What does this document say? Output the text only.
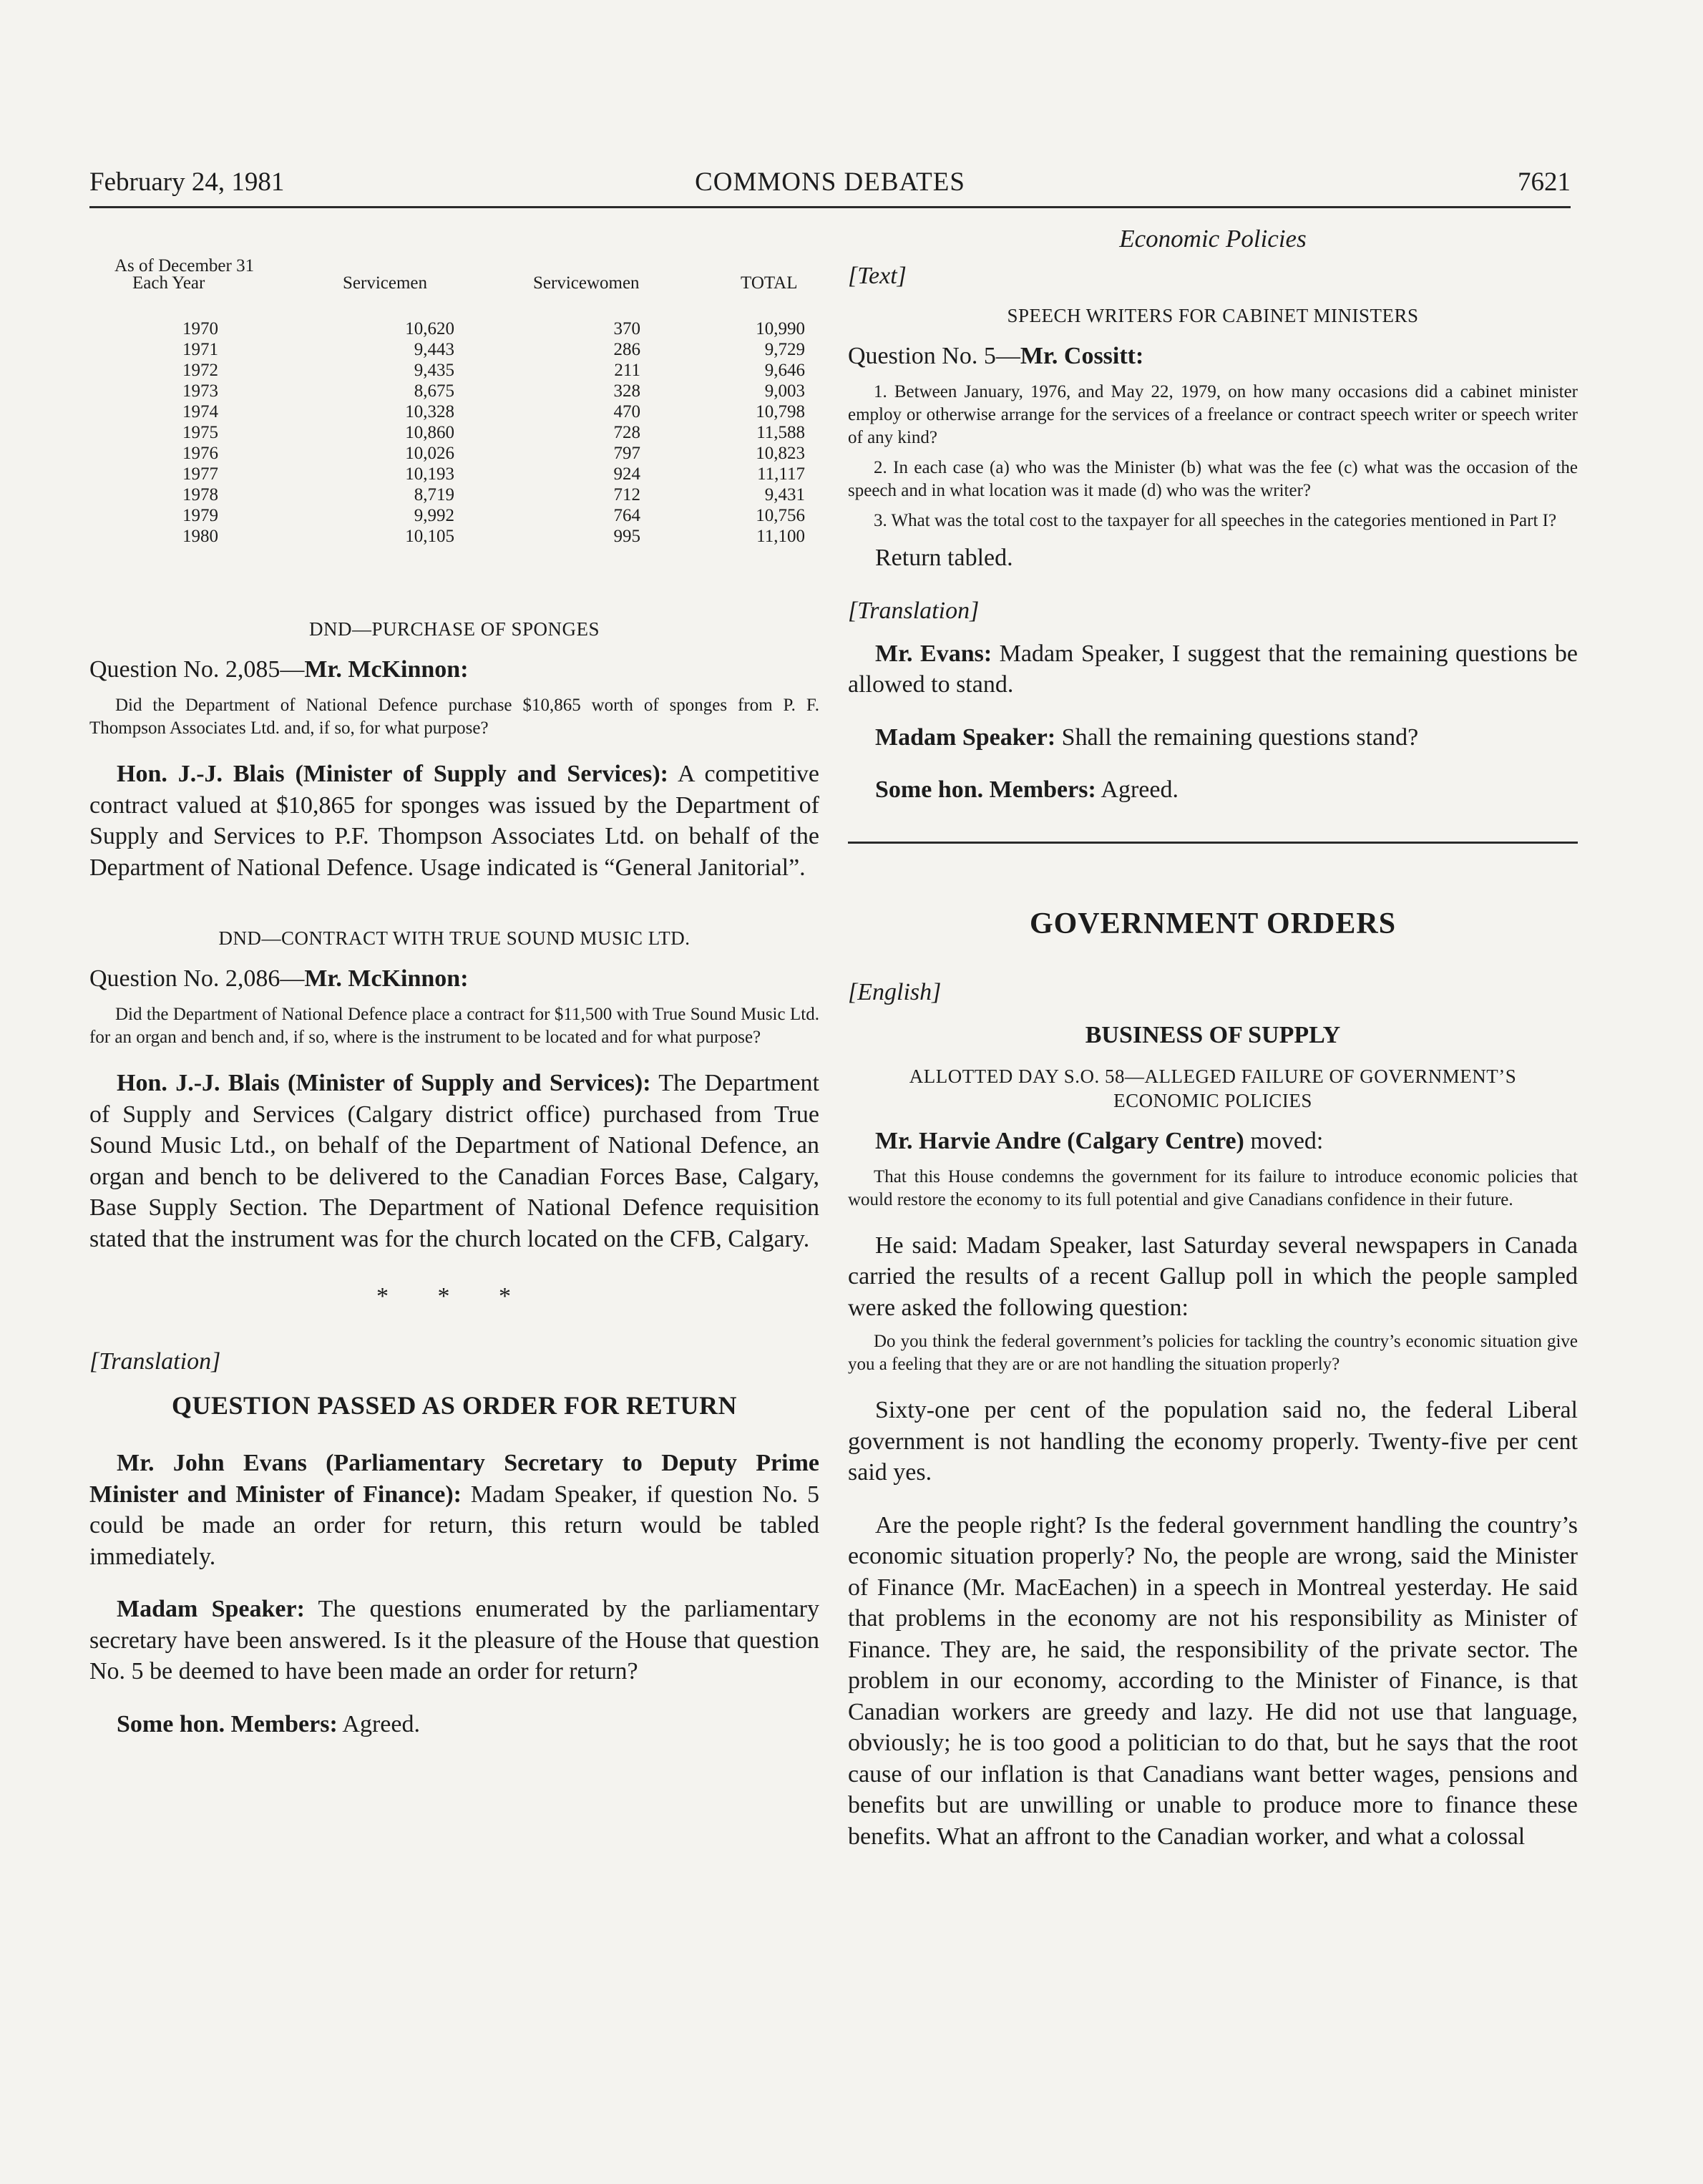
February 24, 1981	COMMONS DEBATES	7621
As of December 31
Each Year	Servicemen	Servicewomen	TOTAL
1970	10,620	370	10,990
1971	9,443	286	9,729
1972	9,435	211	9,646
1973	8,675	328	9,003
1974	10,328	470	10,798
1975	10,860	728	11,588
1976	10,026	797	10,823
1977	10,193	924	11,117
1978	8,719	712	9,431
1979	9,992	764	10,756
1980	10,105	995	11,100
DND—PURCHASE OF SPONGES
Question No. 2,085—Mr. McKinnon:

Did the Department of National Defence purchase $10,865 worth of sponges from P. F. Thompson Associates Ltd. and, if so, for what purpose?

Hon. J.-J. Blais (Minister of Supply and Services): A competitive contract valued at $10,865 for sponges was issued by the Department of Supply and Services to P.F. Thompson Associates Ltd. on behalf of the Department of National Defence. Usage indicated is “General Janitorial”.

DND—CONTRACT WITH TRUE SOUND MUSIC LTD.
Question No. 2,086—Mr. McKinnon:

Did the Department of National Defence place a contract for $11,500 with True Sound Music Ltd. for an organ and bench and, if so, where is the instrument to be located and for what purpose?

Hon. J.-J. Blais (Minister of Supply and Services): The Department of Supply and Services (Calgary district office) purchased from True Sound Music Ltd., on behalf of the Department of National Defence, an organ and bench to be delivered to the Canadian Forces Base, Calgary, Base Supply Section. The Department of National Defence requisition stated that the instrument was for the church located on the CFB, Calgary.

* * *
[Translation]
QUESTION PASSED AS ORDER FOR RETURN

Mr. John Evans (Parliamentary Secretary to Deputy Prime Minister and Minister of Finance): Madam Speaker, if question No. 5 could be made an order for return, this return would be tabled immediately.

Madam Speaker: The questions enumerated by the parliamentary secretary have been answered. Is it the pleasure of the House that question No. 5 be deemed to have been made an order for return?

Some hon. Members: Agreed.

Economic Policies
[Text]
SPEECH WRITERS FOR CABINET MINISTERS
Question No. 5—Mr. Cossitt:

1. Between January, 1976, and May 22, 1979, on how many occasions did a cabinet minister employ or otherwise arrange for the services of a freelance or contract speech writer or speech writer of any kind?

2. In each case (a) who was the Minister (b) what was the fee (c) what was the occasion of the speech and in what location was it made (d) who was the writer?

3. What was the total cost to the taxpayer for all speeches in the categories mentioned in Part I?

Return tabled.

[Translation]

Mr. Evans: Madam Speaker, I suggest that the remaining questions be allowed to stand.

Madam Speaker: Shall the remaining questions stand?

Some hon. Members: Agreed.

GOVERNMENT ORDERS
[English]
BUSINESS OF SUPPLY
ALLOTTED DAY S.O. 58—ALLEGED FAILURE OF GOVERNMENT’S ECONOMIC POLICIES
Mr. Harvie Andre (Calgary Centre) moved:

That this House condemns the government for its failure to introduce economic policies that would restore the economy to its full potential and give Canadians confidence in their future.

He said: Madam Speaker, last Saturday several newspapers in Canada carried the results of a recent Gallup poll in which the people sampled were asked the following question:

Do you think the federal government’s policies for tackling the country’s economic situation give you a feeling that they are or are not handling the situation properly?

Sixty-one per cent of the population said no, the federal Liberal government is not handling the economy properly. Twenty-five per cent said yes.

Are the people right? Is the federal government handling the country’s economic situation properly? No, the people are wrong, said the Minister of Finance (Mr. MacEachen) in a speech in Montreal yesterday. He said that problems in the economy are not his responsibility as Minister of Finance. They are, he said, the responsibility of the private sector. The problem in our economy, according to the Minister of Finance, is that Canadian workers are greedy and lazy. He did not use that language, obviously; he is too good a politician to do that, but he says that the root cause of our inflation is that Canadians want better wages, pensions and benefits but are unwilling or unable to produce more to finance these benefits. What an affront to the Canadian worker, and what a colossal
